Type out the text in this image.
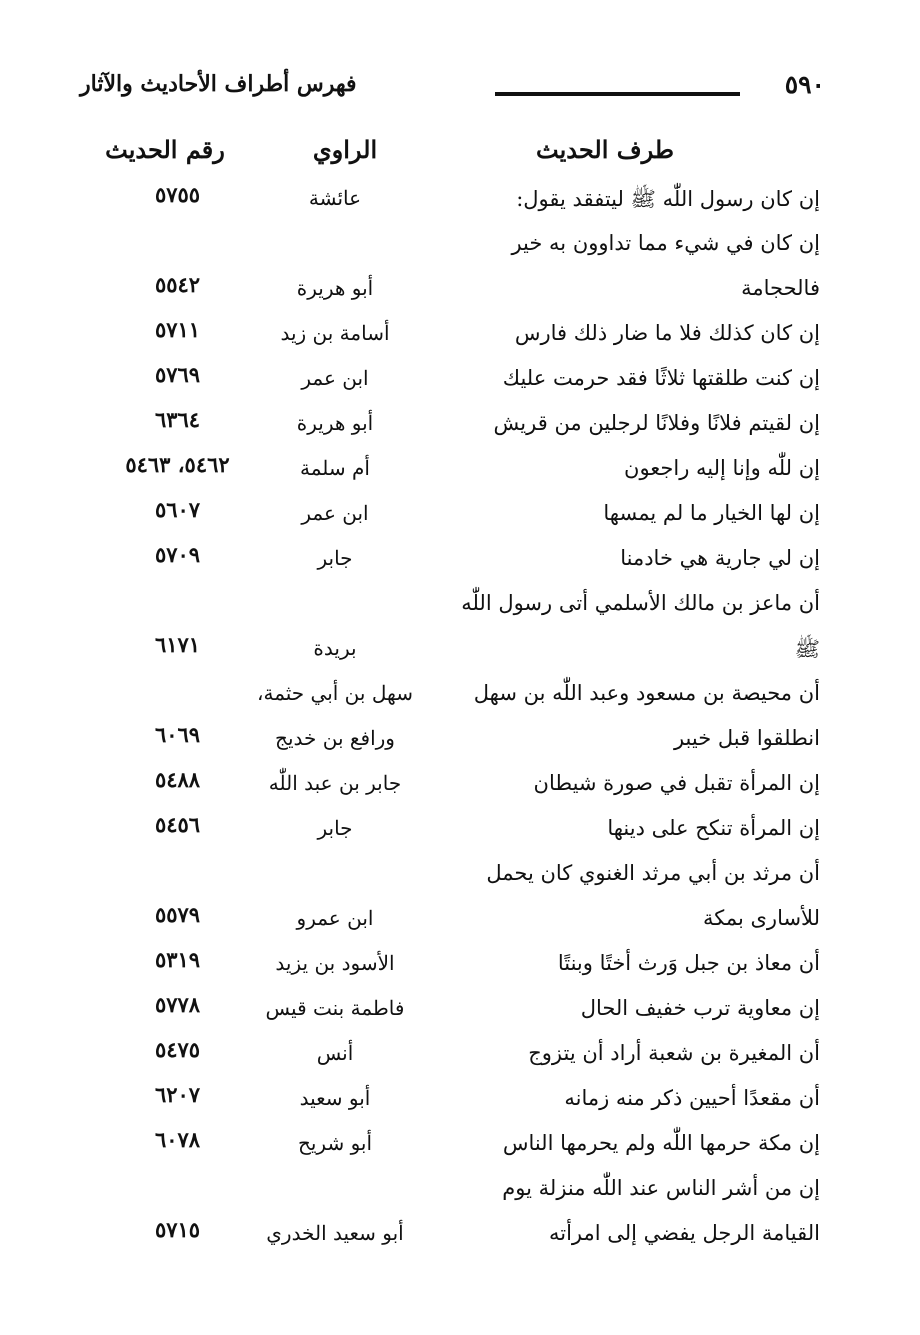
٥٩٠
فهرس أطراف الأحاديث والآثار
طرف الحديث
الراوي
رقم الحديث
إن كان رسول اللّٰه ﷺ ليتفقد يقول:
عائشة
٥٧٥٥
إن كان في شيء مما تداوون به خير
فالحجامة
أبو هريرة
٥٥٤٢
إن كان كذلك فلا ما ضار ذلك فارس
أسامة بن زيد
٥٧١١
إن كنت طلقتها ثلاثًا فقد حرمت عليك
ابن عمر
٥٧٦٩
إن لقيتم فلانًا وفلانًا لرجلين من قريش
أبو هريرة
٦٣٦٤
إن للّٰه وإنا إليه راجعون
أم سلمة
٥٤٦٢، ٥٤٦٣
إن لها الخيار ما لم يمسها
ابن عمر
٥٦٠٧
إن لي جارية هي خادمنا
جابر
٥٧٠٩
أن ماعز بن مالك الأسلمي أتى رسول اللّٰه
ﷺ
بريدة
٦١٧١
أن محيصة بن مسعود وعبد اللّٰه بن سهل
سهل بن أبي حثمة،
انطلقوا قبل خيبر
ورافع بن خديج
٦٠٦٩
إن المرأة تقبل في صورة شيطان
جابر بن عبد اللّٰه
٥٤٨٨
إن المرأة تنكح على دينها
جابر
٥٤٥٦
أن مرثد بن أبي مرثد الغنوي كان يحمل
للأسارى بمكة
ابن عمرو
٥٥٧٩
أن معاذ بن جبل وَرث أختًا وبنتًا
الأسود بن يزيد
٥٣١٩
إن معاوية ترب خفيف الحال
فاطمة بنت قيس
٥٧٧٨
أن المغيرة بن شعبة أراد أن يتزوج
أنس
٥٤٧٥
أن مقعدًا أحيين ذكر منه زمانه
أبو سعيد
٦٢٠٧
إن مكة حرمها اللّٰه ولم يحرمها الناس
أبو شريح
٦٠٧٨
إن من أشر الناس عند اللّٰه منزلة يوم
القيامة الرجل يفضي إلى امرأته
أبو سعيد الخدري
٥٧١٥
